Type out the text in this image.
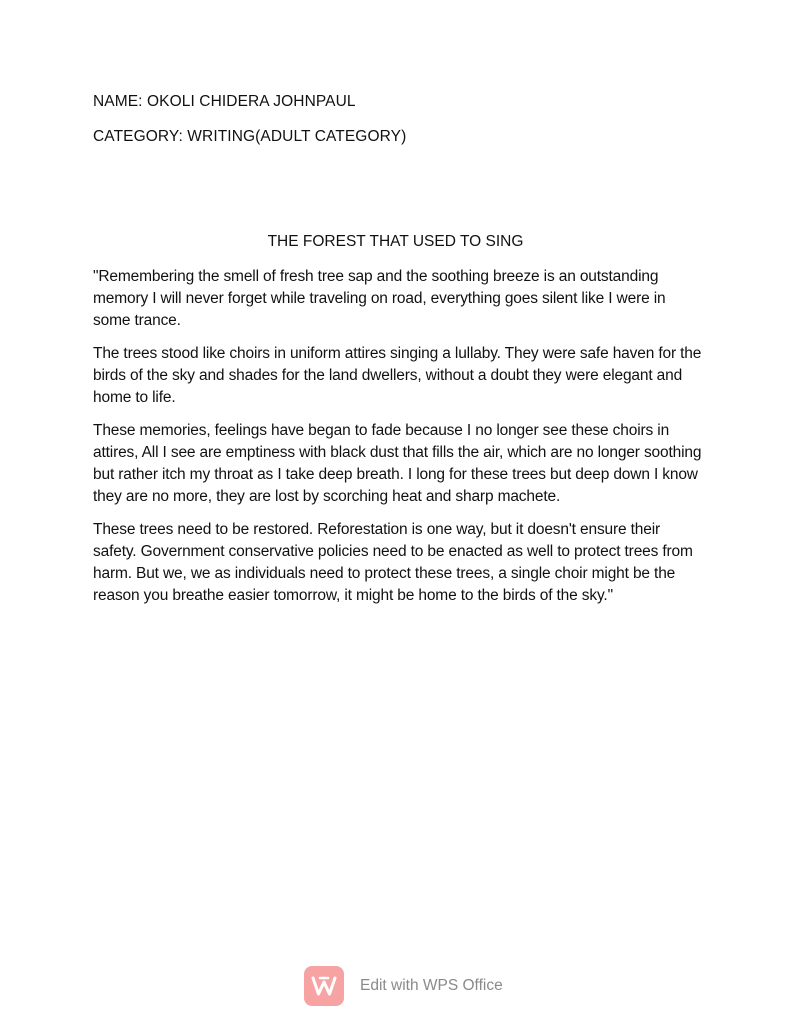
NAME: OKOLI CHIDERA JOHNPAUL
CATEGORY: WRITING(ADULT CATEGORY)
THE FOREST THAT USED TO SING

"Remembering the smell of fresh tree sap and the soothing breeze is an outstanding memory I will never forget while traveling on road, everything goes silent like I were in some trance.

The trees stood like choirs in uniform attires singing a lullaby. They were safe haven for the birds of the sky and shades for the land dwellers, without a doubt they were elegant and home to life.

These memories, feelings have began to fade because I no longer see these choirs in attires, All I see are emptiness with black dust that fills the air, which are no longer soothing but rather itch my throat as I take deep breath. I long for these trees but deep down I know they are no more, they are lost by scorching heat and sharp machete.

These trees need to be restored. Reforestation is one way, but it doesn't ensure their safety. Government conservative policies need to be enacted as well to protect trees from harm. But we, we as individuals need to protect these trees, a single choir might be the reason you breathe easier tomorrow, it might be home to the birds of the sky."

Edit with WPS Office
